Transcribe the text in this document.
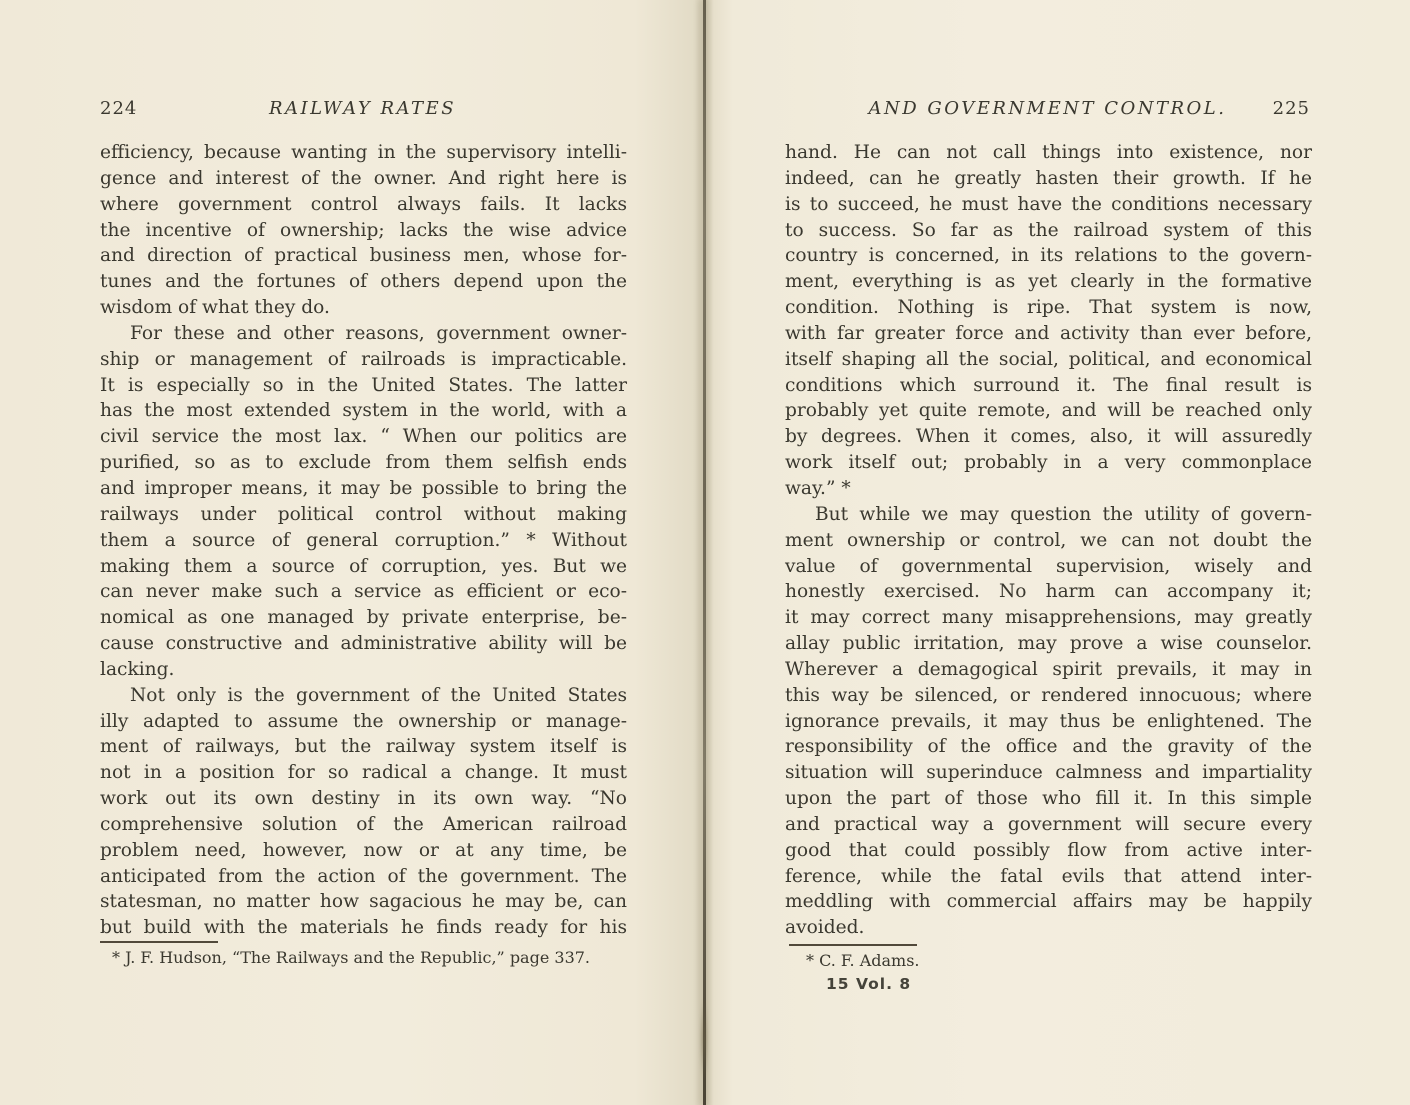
224	RAILWAY RATES	AND GOVERNMENT CONTROL.	225
efficiency, because wanting in the supervisory intelli-
gence and interest of the owner. And right here is
where government control always fails. It lacks
the incentive of ownership; lacks the wise advice
and direction of practical business men, whose for-
tunes and the fortunes of others depend upon the
wisdom of what they do.
For these and other reasons, government owner-
ship or management of railroads is impracticable.
It is especially so in the United States. The latter
has the most extended system in the world, with a
civil service the most lax. “ When our politics are
purified, so as to exclude from them selfish ends
and improper means, it may be possible to bring the
railways under political control without making
them a source of general corruption.” * Without
making them a source of corruption, yes. But we
can never make such a service as efficient or eco-
nomical as one managed by private enterprise, be-
cause constructive and administrative ability will be
lacking.
Not only is the government of the United States
illy adapted to assume the ownership or manage-
ment of railways, but the railway system itself is
not in a position for so radical a change. It must
work out its own destiny in its own way. “No
comprehensive solution of the American railroad
problem need, however, now or at any time, be
anticipated from the action of the government. The
statesman, no matter how sagacious he may be, can
but build with the materials he finds ready for his
hand. He can not call things into existence, nor
indeed, can he greatly hasten their growth. If he
is to succeed, he must have the conditions necessary
to success. So far as the railroad system of this
country is concerned, in its relations to the govern-
ment, everything is as yet clearly in the formative
condition. Nothing is ripe. That system is now,
with far greater force and activity than ever before,
itself shaping all the social, political, and economical
conditions which surround it. The final result is
probably yet quite remote, and will be reached only
by degrees. When it comes, also, it will assuredly
work itself out; probably in a very commonplace
way.” *
But while we may question the utility of govern-
ment ownership or control, we can not doubt the
value of governmental supervision, wisely and
honestly exercised. No harm can accompany it;
it may correct many misapprehensions, may greatly
allay public irritation, may prove a wise counselor.
Wherever a demagogical spirit prevails, it may in
this way be silenced, or rendered innocuous; where
ignorance prevails, it may thus be enlightened. The
responsibility of the office and the gravity of the
situation will superinduce calmness and impartiality
upon the part of those who fill it. In this simple
and practical way a government will secure every
good that could possibly flow from active inter-
ference, while the fatal evils that attend inter-
meddling with commercial affairs may be happily
avoided.
* J. F. Hudson, “The Railways and the Republic,” page 337.	* C. F. Adams.
15 Vol. 8
